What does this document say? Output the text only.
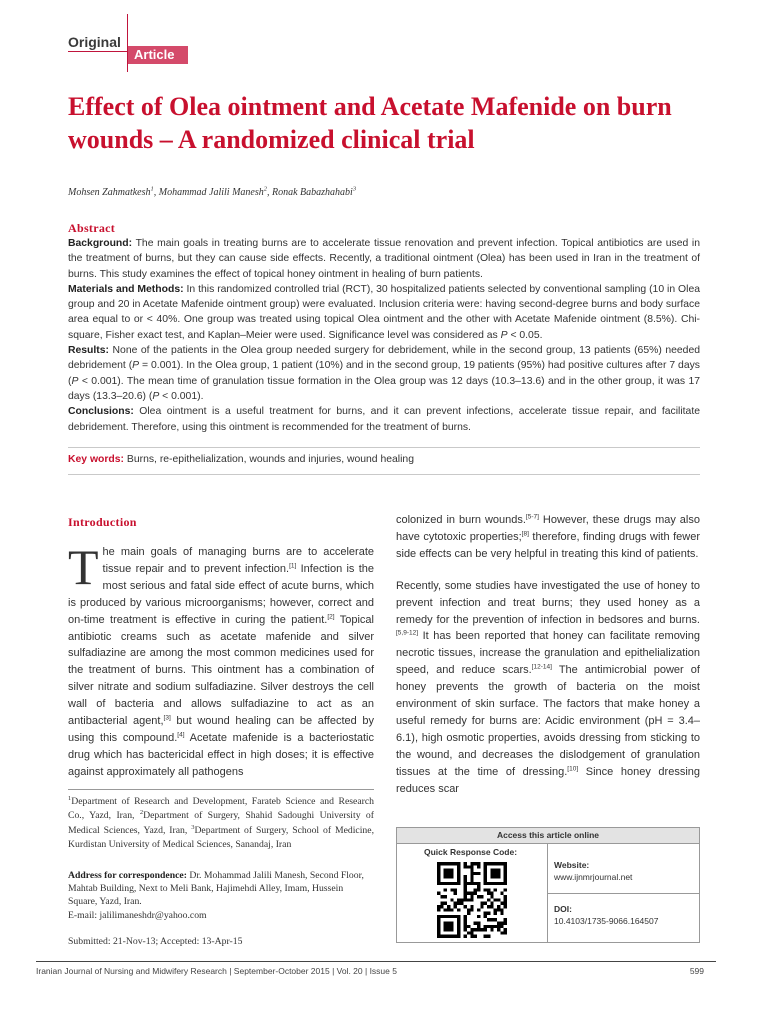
Original
Article
Effect of Olea ointment and Acetate Mafenide on burn wounds – A randomized clinical trial
Mohsen Zahmatkesh$^1$, Mohammad Jalili Manesh$^2$, Ronak Babazhahabi$^3$
Abstract

Background: The main goals in treating burns are to accelerate tissue renovation and prevent infection. Topical antibiotics are used in the treatment of burns, but they can cause side effects. Recently, a traditional ointment (Olea) has been used in Iran in the treatment of burns. This study examines the effect of topical honey ointment in healing of burn patients.

Materials and Methods: In this randomized controlled trial (RCT), 30 hospitalized patients selected by conventional sampling (10 in Olea group and 20 in Acetate Mafenide ointment group) were evaluated. Inclusion criteria were: having second-degree burns and body surface area equal to or < 40%. One group was treated using topical Olea ointment and the other with Acetate Mafenide ointment (8.5%). Chi-square, Fisher exact test, and Kaplan–Meier were used. Significance level was considered as P < 0.05.

Results: None of the patients in the Olea group needed surgery for debridement, while in the second group, 13 patients (65%) needed debridement (P = 0.001). In the Olea group, 1 patient (10%) and in the second group, 19 patients (95%) had positive cultures after 7 days (P < 0.001). The mean time of granulation tissue formation in the Olea group was 12 days (10.3–13.6) and in the other group, it was 17 days (13.3–20.6) (P < 0.001).

Conclusions: Olea ointment is a useful treatment for burns, and it can prevent infections, accelerate tissue repair, and facilitate debridement. Therefore, using this ointment is recommended for the treatment of burns.

Key words: Burns, re-epithelialization, wounds and injuries, wound healing
Introduction

The main goals of managing burns are to accelerate tissue repair and to prevent infection.[1] Infection is the most serious and fatal side effect of acute burns, which is produced by various microorganisms; however, correct and on-time treatment is effective in curing the patient.[2] Topical antibiotic creams such as acetate mafenide and silver sulfadiazine are among the most common medicines used for the treatment of burns. This ointment has a combination of silver nitrate and sodium sulfadiazine. Silver destroys the cell wall of bacteria and allows sulfadiazine to act as an antibacterial agent,[3] but wound healing can be affected by using this compound.[4] Acetate mafenide is a bacteriostatic drug which has bactericidal effect in high doses; it is effective against approximately all pathogens

colonized in burn wounds.[5-7] However, these drugs may also have cytotoxic properties;[8] therefore, finding drugs with fewer side effects can be very helpful in treating this kind of patients.

Recently, some studies have investigated the use of honey to prevent infection and treat burns; they used honey as a remedy for the prevention of infection in bedsores and burns.[5,9-12] It has been reported that honey can facilitate removing necrotic tissues, increase the granulation and epithelialization speed, and reduce scars.[12-14] The antimicrobial power of honey prevents the growth of bacteria on the moist environment of skin surface. The factors that make honey a useful remedy for burns are: Acidic environment (pH = 3.4–6.1), high osmotic properties, avoids dressing from sticking to the wound, and decreases the dislodgement of granulation tissues at the time of dressing.[10] Since honey dressing reduces scar

$^1$Department of Research and Development, Farateb Science and Research Co., Yazd, Iran, $^2$Department of Surgery, Shahid Sadoughi University of Medical Sciences, Yazd, Iran, $^3$Department of Surgery, School of Medicine, Kurdistan University of Medical Sciences, Sanandaj, Iran
Address for correspondence: Dr. Mohammad Jalili Manesh, Second Floor, Mahtab Building, Next to Meli Bank, Hajimehdi Alley, Imam, Hussein Square, Yazd, Iran.
E-mail: jalilimaneshdr@yahoo.com
Submitted: 21-Nov-13; Accepted: 13-Apr-15
Access this article online
Quick Response Code:
Website:
www.ijnmrjournal.net
DOI:
10.4103/1735-9066.164507
Iranian Journal of Nursing and Midwifery Research | September-October 2015 | Vol. 20 | Issue 5	599
